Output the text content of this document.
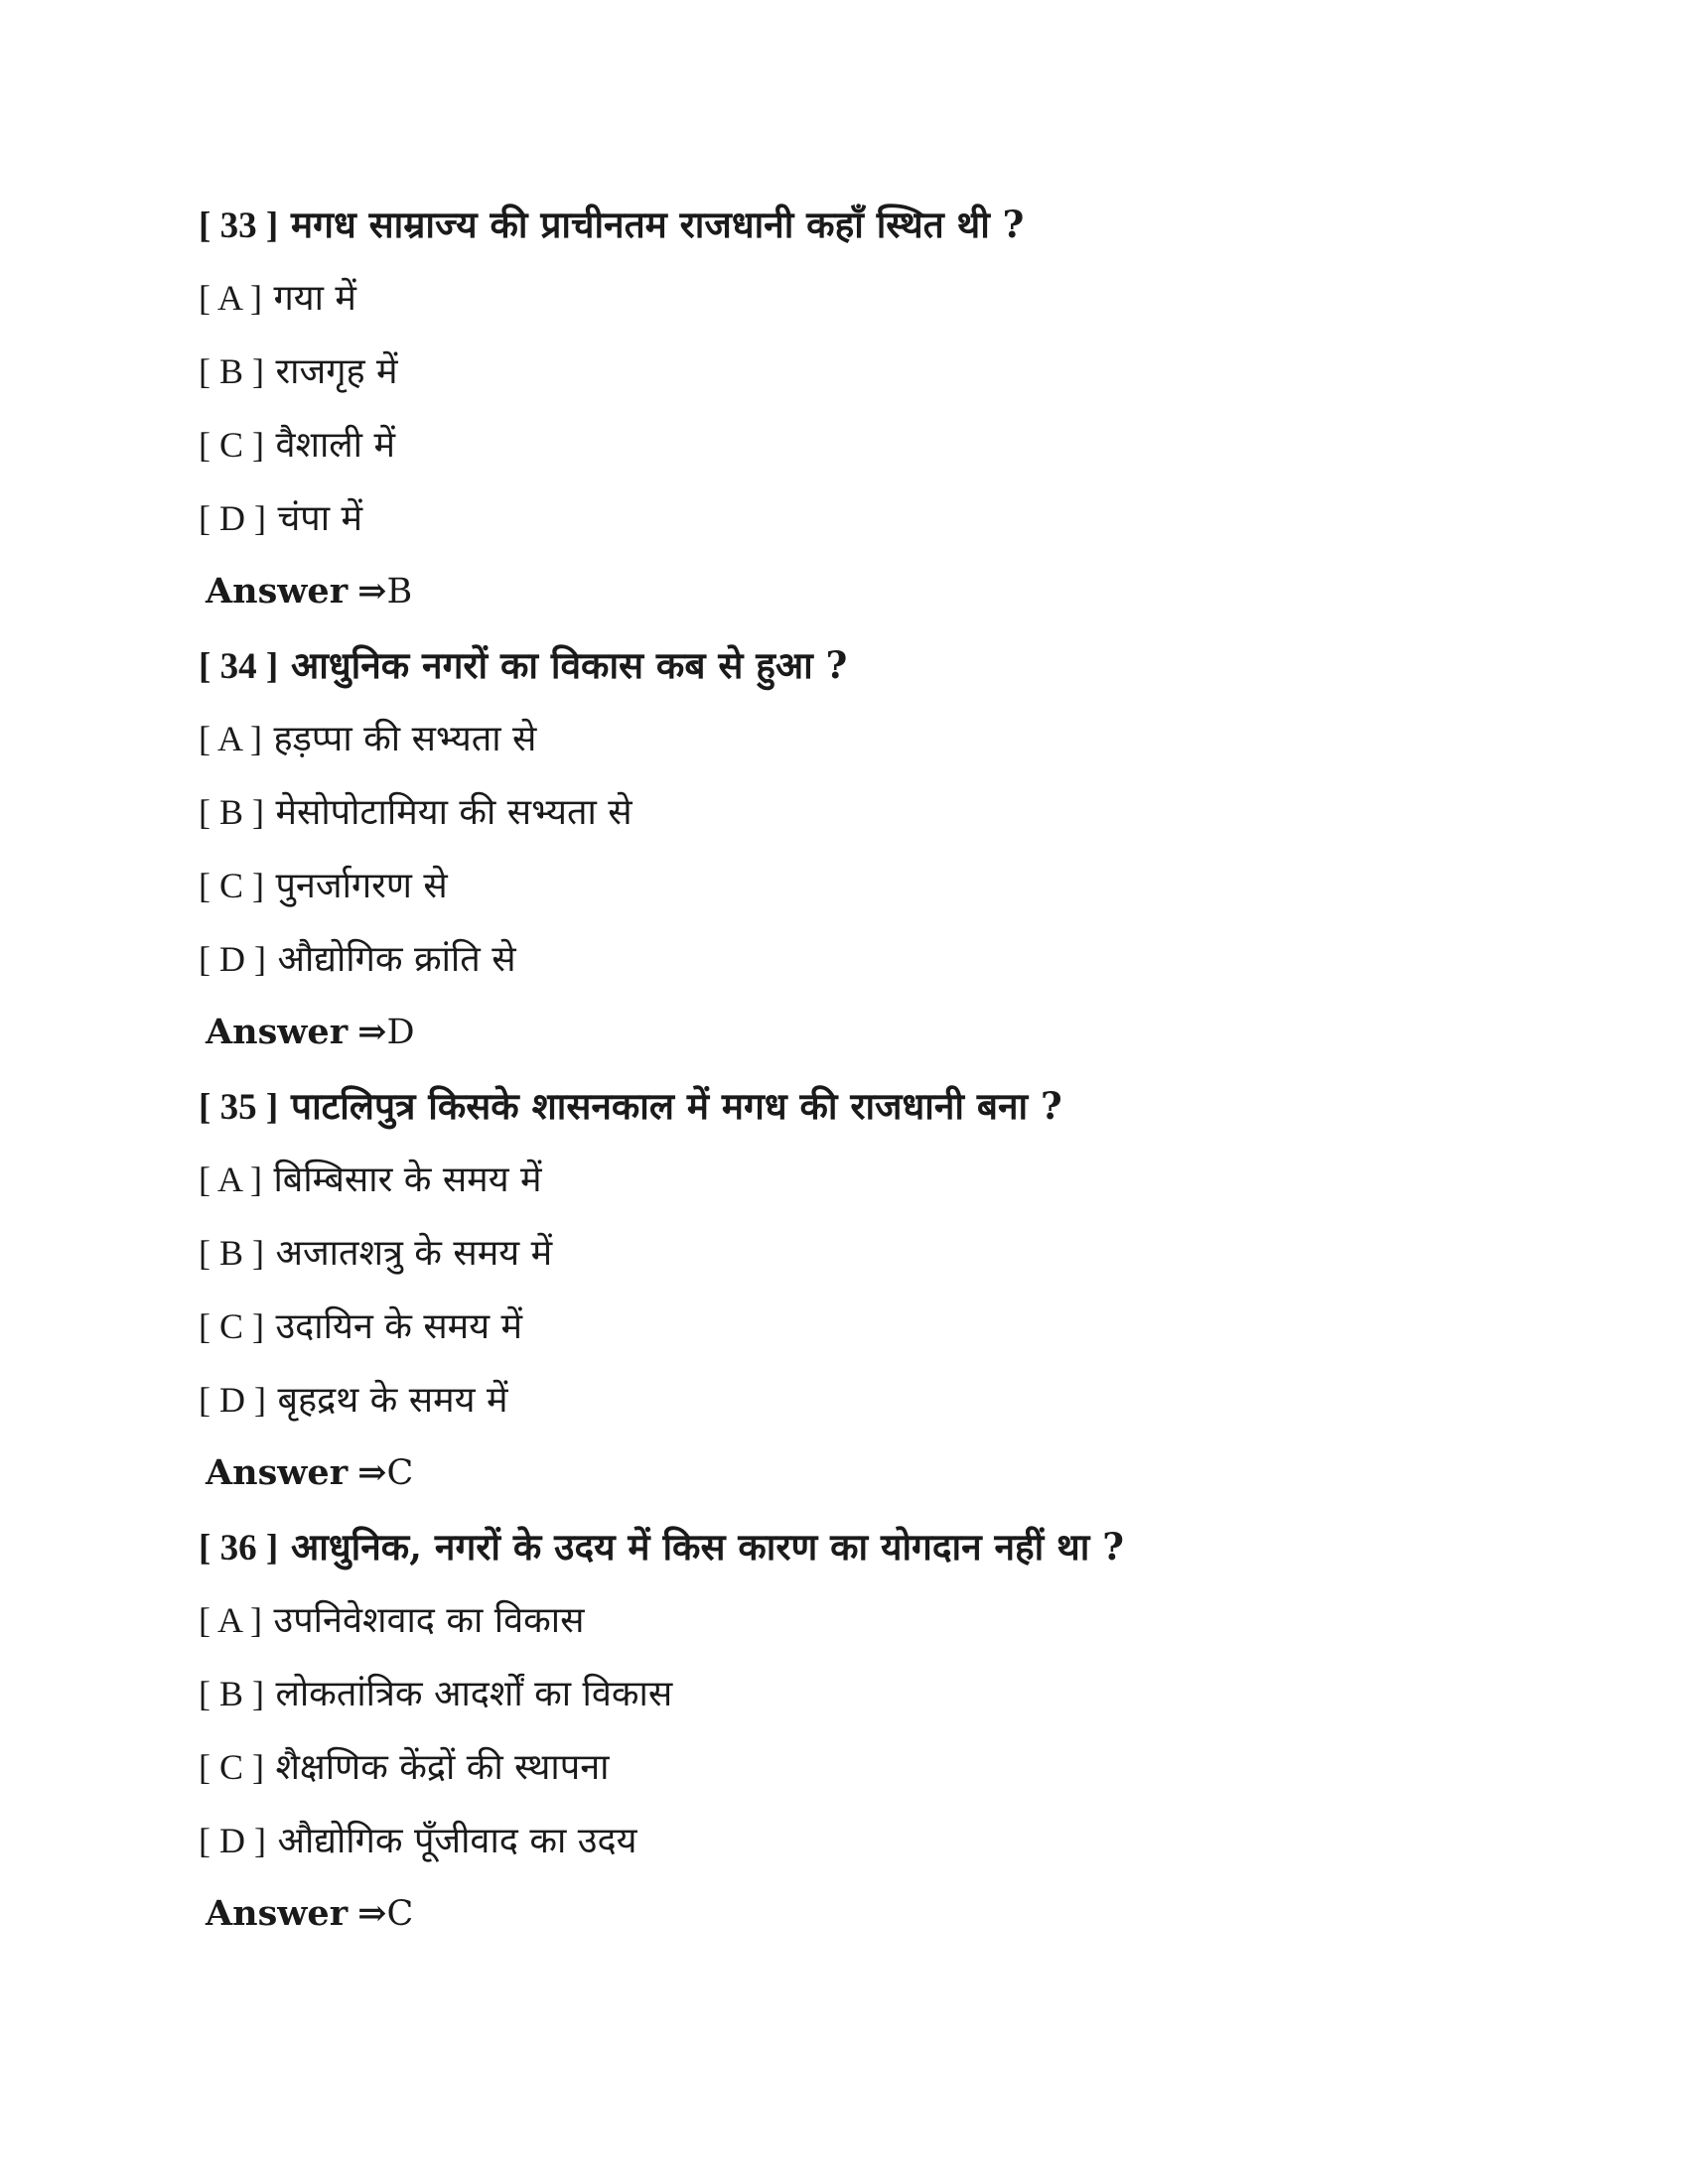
[ 33 ] मगध साम्राज्य की प्राचीनतम राजधानी कहाँ स्थित थी ?
[ A ] गया में
[ B ] राजगृह में
[ C ] वैशाली में
[ D ] चंपा में
Answer ⇒B
[ 34 ] आधुनिक नगरों का विकास कब से हुआ ?
[ A ] हड़प्पा की सभ्यता से
[ B ] मेसोपोटामिया की सभ्यता से
[ C ] पुनर्जागरण से
[ D ] औद्योगिक क्रांति से
Answer ⇒D
[ 35 ] पाटलिपुत्र किसके शासनकाल में मगध की राजधानी बना ?
[ A ] बिम्बिसार के समय में
[ B ] अजातशत्रु के समय में
[ C ] उदायिन के समय में
[ D ] बृहद्रथ के समय में
Answer ⇒C
[ 36 ] आधुनिक, नगरों के उदय में किस कारण का योगदान नहीं था ?
[ A ] उपनिवेशवाद का विकास
[ B ] लोकतांत्रिक आदर्शों का विकास
[ C ] शैक्षणिक केंद्रों की स्थापना
[ D ] औद्योगिक पूँजीवाद का उदय
Answer ⇒C
